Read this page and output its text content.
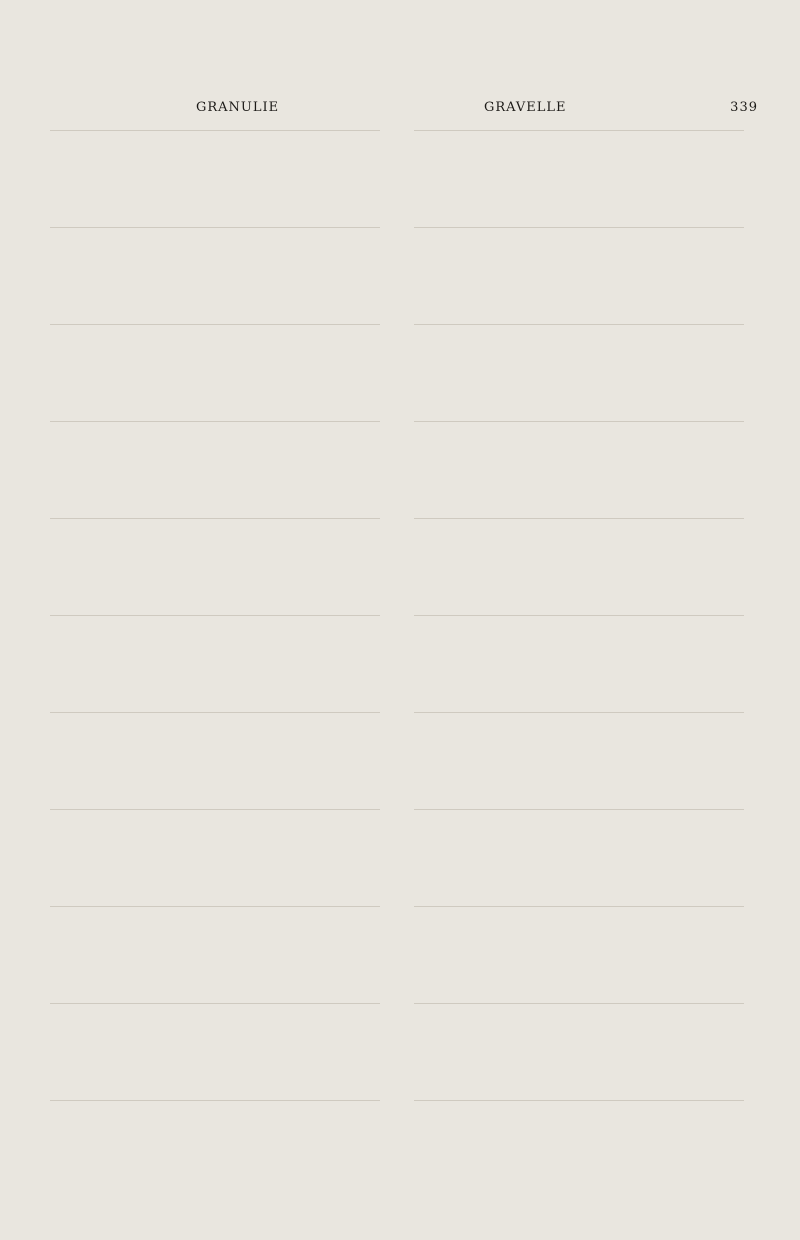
GRANULIE	GRAVELLE	339
